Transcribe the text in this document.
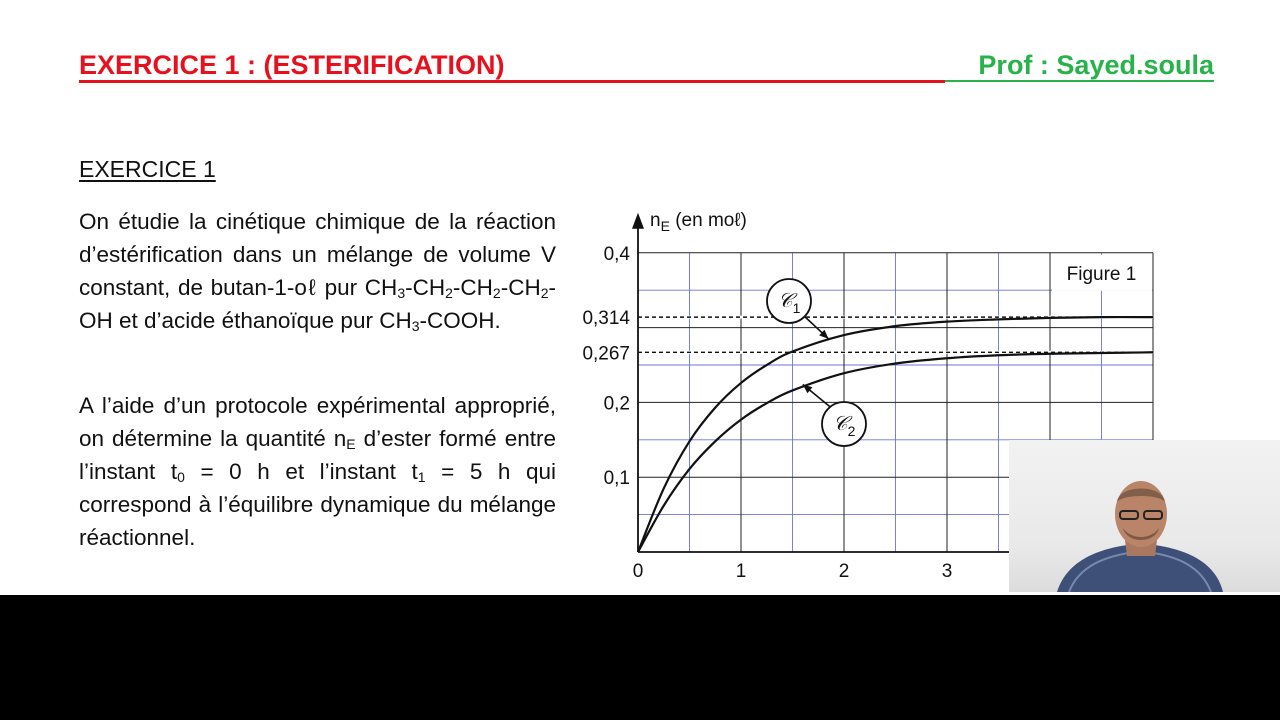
EXERCICE 1 : (ESTERIFICATION)	Prof : Sayed.soula
EXERCICE 1
On étudie la cinétique chimique de la réaction d’estérification dans un mélange de volume V constant, de butan-1-oℓ pur $CH_3-CH_2-CH_2-CH_2-OH$ et d’acide éthanoïque pur $CH_3$-COOH.
A l’aide d’un protocole expérimental approprié, on détermine la quantité $n_E$ d’ester formé entre l’instant $t_0 = 0$ h et l’instant $t_1 = 5$ h qui correspond à l’équilibre dynamique du mélange réactionnel.
$n_E$ (en moℓ)
0,1
0,2
0,267
0,314
0,4
0	1	2	3
Figure 1
𝒞$_1$
𝒞$_2$
